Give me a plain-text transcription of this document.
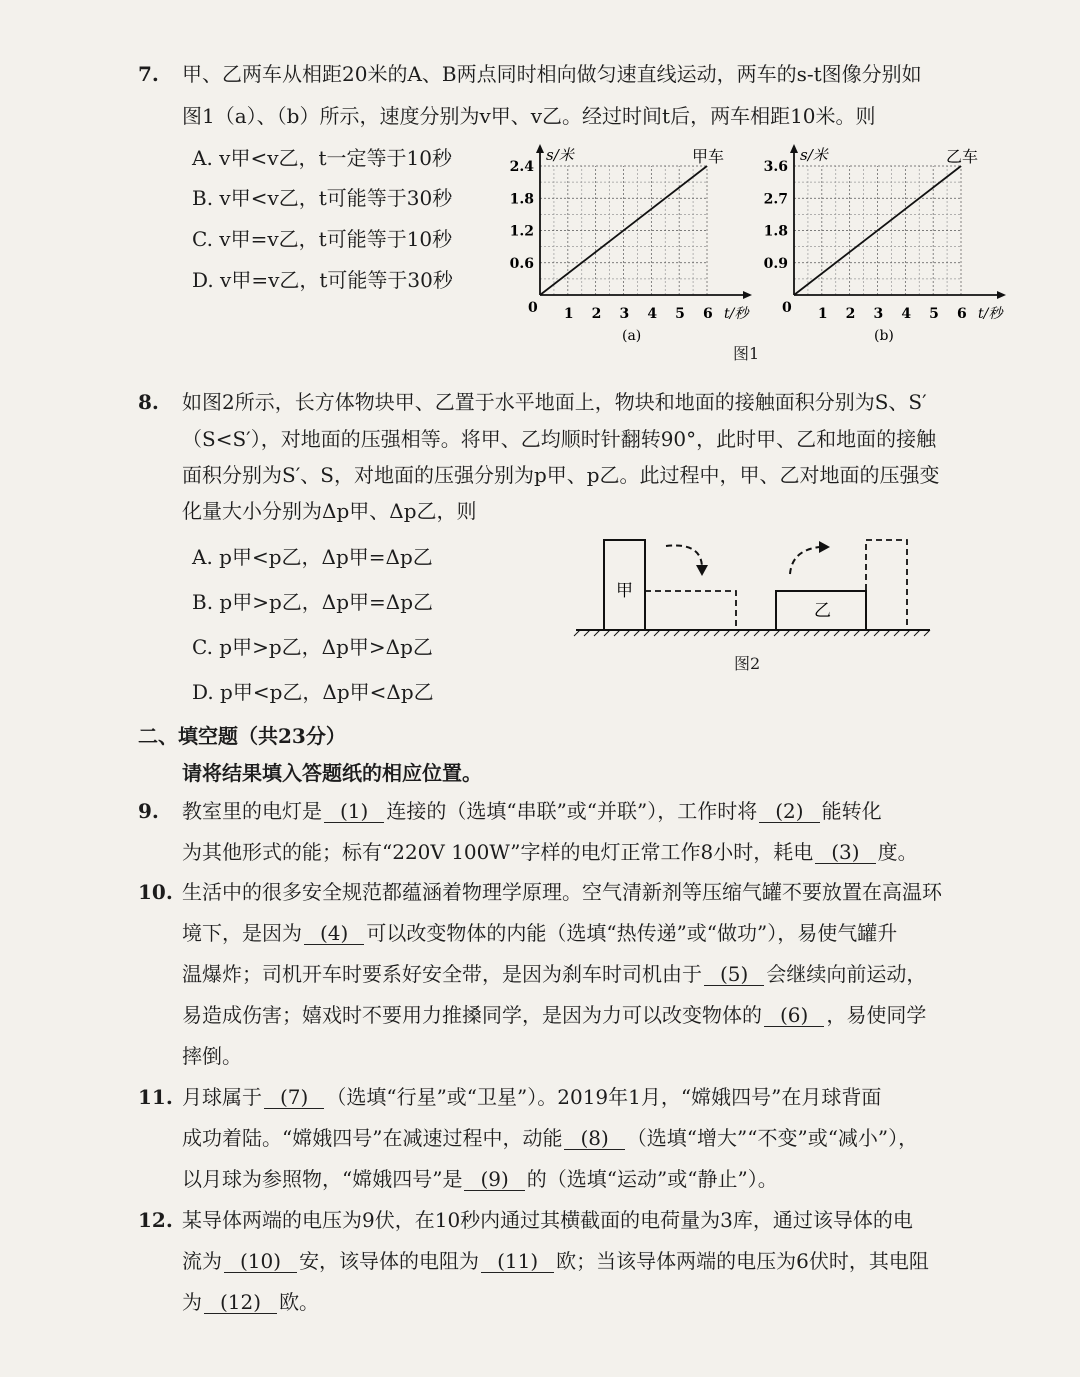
7. 甲、乙两车从相距20米的A、B两点同时相向做匀速直线运动，两车的s-t图像分别如
图1（a）、（b）所示，速度分别为v甲、v乙。经过时间t后，两车相距10米。则
A. v甲<v乙，t一定等于10秒
B. v甲<v乙，t可能等于30秒
C. v甲=v乙，t可能等于10秒
D. v甲=v乙，t可能等于30秒
s/米	甲车
0	t/秒
(a)
1 2 3 4 5 6
0.6
1.2
1.8
2.4
s/米	乙车
0	t/秒
(b)
1 2 3 4 5 6
0.9
1.8
2.7
3.6
图1
8. 如图2所示，长方体物块甲、乙置于水平地面上，物块和地面的接触面积分别为S、S′
（S<S′），对地面的压强相等。将甲、乙均顺时针翻转90°，此时甲、乙和地面的接触
面积分别为S′、S，对地面的压强分别为p甲、p乙。此过程中，甲、乙对地面的压强变
化量大小分别为Δp甲、Δp乙，则
A. p甲<p乙，Δp甲=Δp乙
B. p甲>p乙，Δp甲=Δp乙
C. p甲>p乙，Δp甲>Δp乙
D. p甲<p乙，Δp甲<Δp乙
甲
乙
图2
二、填空题（共23分）
请将结果填入答题纸的相应位置。
9. 教室里的电灯是 (1) 连接的（选填“串联”或“并联”），工作时将 (2) 能转化
为其他形式的能；标有“220V 100W”字样的电灯正常工作8小时，耗电 (3) 度。
10. 生活中的很多安全规范都蕴涵着物理学原理。空气清新剂等压缩气罐不要放置在高温环
境下，是因为 (4) 可以改变物体的内能（选填“热传递”或“做功”），易使气罐升
温爆炸；司机开车时要系好安全带，是因为刹车时司机由于 (5) 会继续向前运动，
易造成伤害；嬉戏时不要用力推搡同学，是因为力可以改变物体的 (6) ，易使同学
摔倒。
11. 月球属于 (7) （选填“行星”或“卫星”）。2019年1月，“嫦娥四号”在月球背面
成功着陆。“嫦娥四号”在减速过程中，动能 (8) （选填“增大”“不变”或“减小”），
以月球为参照物，“嫦娥四号”是 (9) 的（选填“运动”或“静止”）。
12. 某导体两端的电压为9伏，在10秒内通过其横截面的电荷量为3库，通过该导体的电
流为 (10) 安，该导体的电阻为 (11) 欧；当该导体两端的电压为6伏时，其电阻
为 (12) 欧。
